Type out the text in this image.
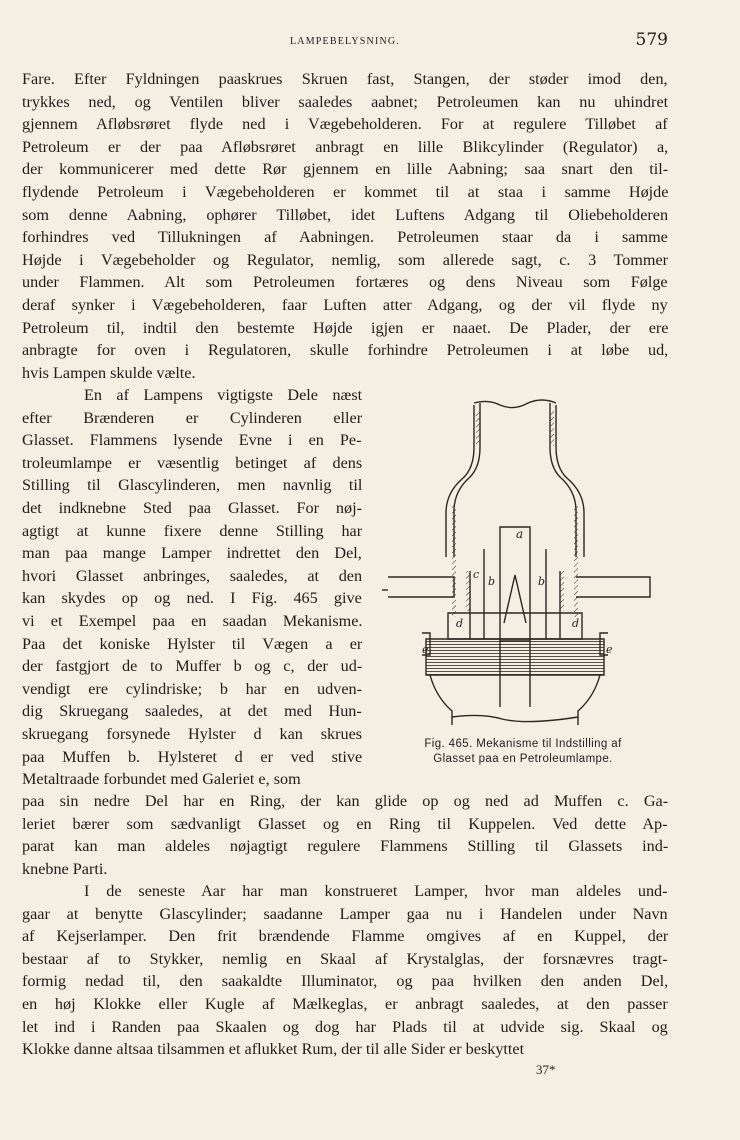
LAMPEBELYSNING.	579
Fare. Efter Fyldningen paaskrues Skruen fast, Stangen, der støder imod den,
trykkes ned, og Ventilen bliver saaledes aabnet; Petroleumen kan nu uhindret
gjennem Afløbsrøret flyde ned i Vægebeholderen. For at regulere Tilløbet af
Petroleum er der paa Afløbsrøret anbragt en lille Blikcylinder (Regulator) a,
der kommunicerer med dette Rør gjennem en lille Aabning; saa snart den til-
flydende Petroleum i Vægebeholderen er kommet til at staa i samme Højde
som denne Aabning, ophører Tilløbet, idet Luftens Adgang til Oliebeholderen
forhindres ved Tillukningen af Aabningen. Petroleumen staar da i samme
Højde i Vægebeholder og Regulator, nemlig, som allerede sagt, c. 3 Tommer
under Flammen. Alt som Petroleumen fortæres og dens Niveau som Følge
deraf synker i Vægebeholderen, faar Luften atter Adgang, og der vil flyde ny
Petroleum til, indtil den bestemte Højde igjen er naaet. De Plader, der ere
anbragte for oven i Regulatoren, skulle forhindre Petroleumen i at løbe ud,
hvis Lampen skulde vælte.
En af Lampens vigtigste Dele næst
efter Brænderen er Cylinderen eller
Glasset. Flammens lysende Evne i en Pe-
troleumlampe er væsentlig betinget af dens
Stilling til Glascylinderen, men navnlig til
det indknebne Sted paa Glasset. For nøj-
agtigt at kunne fixere denne Stilling har
man paa mange Lamper indrettet den Del,
hvori Glasset anbringes, saaledes, at den
kan skydes op og ned. I Fig. 465 give
vi et Exempel paa en saadan Mekanisme.
Paa det koniske Hylster til Vægen a er
der fastgjort de to Muffer b og c, der ud-
vendigt ere cylindriske; b har en udven-
dig Skruegang saaledes, at det med Hun-
skruegang forsynede Hylster d kan skrues
paa Muffen b. Hylsteret d er ved stive
Metaltraade forbundet med Galeriet e, som
paa sin nedre Del har en Ring, der kan glide op og ned ad Muffen c. Ga-
leriet bærer som sædvanligt Glasset og en Ring til Kuppelen. Ved dette Ap-
parat kan man aldeles nøjagtigt regulere Flammens Stilling til Glassets ind-
knebne Parti.
I de seneste Aar har man konstrueret Lamper, hvor man aldeles und-
gaar at benytte Glascylinder; saadanne Lamper gaa nu i Handelen under Navn
af Kejserlamper. Den frit brændende Flamme omgives af en Kuppel, der
bestaar af to Stykker, nemlig en Skaal af Krystalglas, der forsnævres tragt-
formig nedad til, den saakaldte Illuminator, og paa hvilken den anden Del,
en høj Klokke eller Kugle af Mælkeglas, er anbragt saaledes, at den passer
let ind i Randen paa Skaalen og dog har Plads til at udvide sig. Skaal og
Klokke danne altsaa tilsammen et aflukket Rum, der til alle Sider er beskyttet
a
c
b	b
d	d
e	e
Fig. 465. Mekanisme til Indstilling af
Glasset paa en Petroleumlampe.
37*
